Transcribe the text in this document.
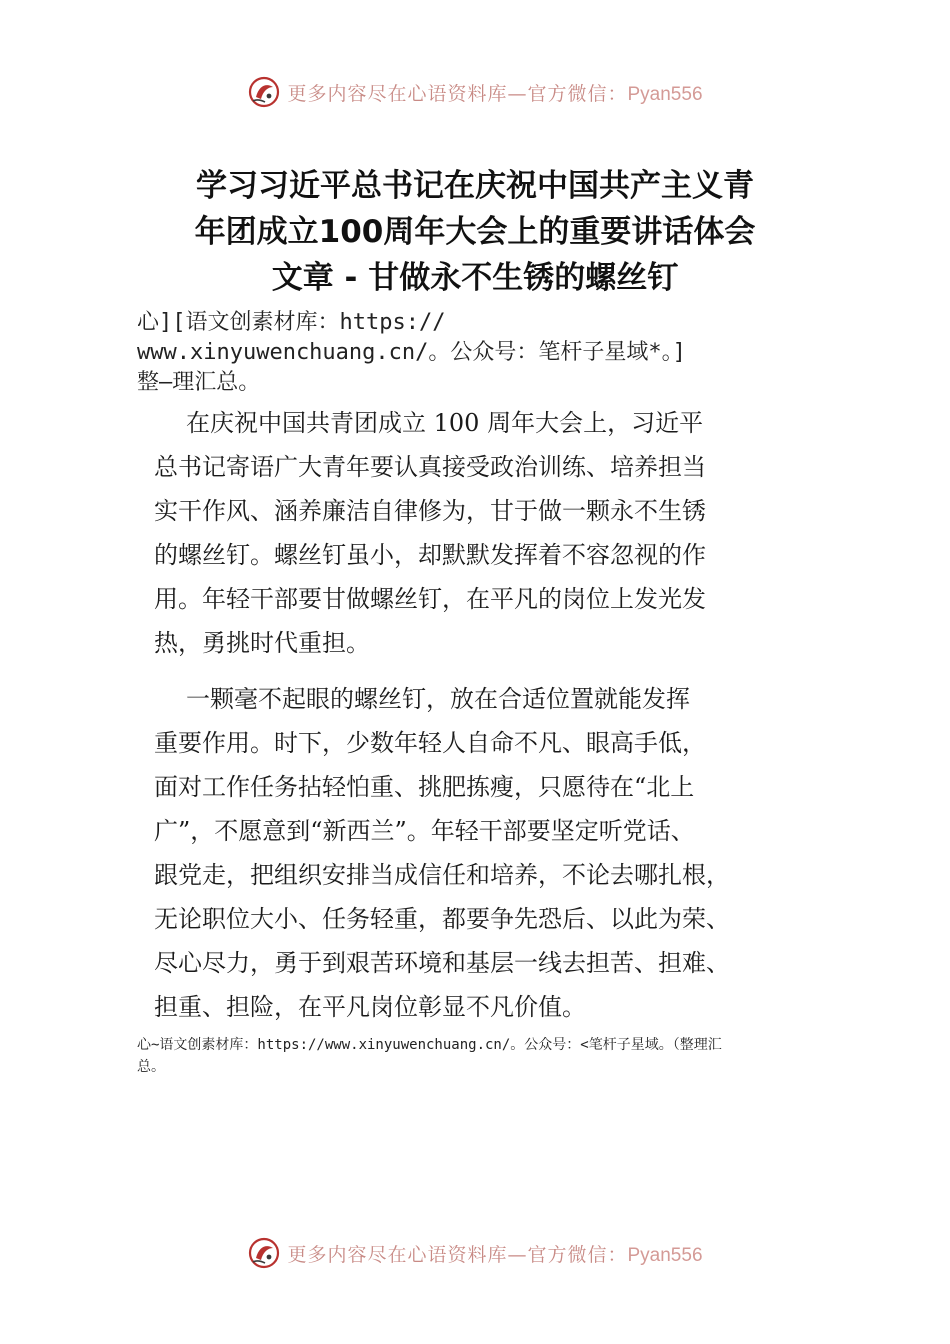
更多内容尽在心语资料库—官方微信：Pyan556
学习习近平总书记在庆祝中国共产主义青
年团成立100周年大会上的重要讲话体会
文章 - 甘做永不生锈的螺丝钉
心][语文创素材库：https://
www.xinyuwenchuang.cn/。公众号：笔杆子星域*。]
整—理汇总。
在庆祝中国共青团成立 100 周年大会上，习近平
总书记寄语广大青年要认真接受政治训练、培养担当
实干作风、涵养廉洁自律修为，甘于做一颗永不生锈
的螺丝钉。螺丝钉虽小，却默默发挥着不容忽视的作
用。年轻干部要甘做螺丝钉，在平凡的岗位上发光发
热，勇挑时代重担。
一颗毫不起眼的螺丝钉，放在合适位置就能发挥
重要作用。时下，少数年轻人自命不凡、眼高手低，
面对工作任务拈轻怕重、挑肥拣瘦，只愿待在“北上
广”，不愿意到“新西兰”。年轻干部要坚定听党话、
跟党走，把组织安排当成信任和培养，不论去哪扎根，
无论职位大小、任务轻重，都要争先恐后、以此为荣、
尽心尽力，勇于到艰苦环境和基层一线去担苦、担难、
担重、担险，在平凡岗位彰显不凡价值。
心~语文创素材库：https://www.xinyuwenchuang.cn/。公众号：<笔杆子星域。（整理汇
总。
更多内容尽在心语资料库—官方微信：Pyan556
